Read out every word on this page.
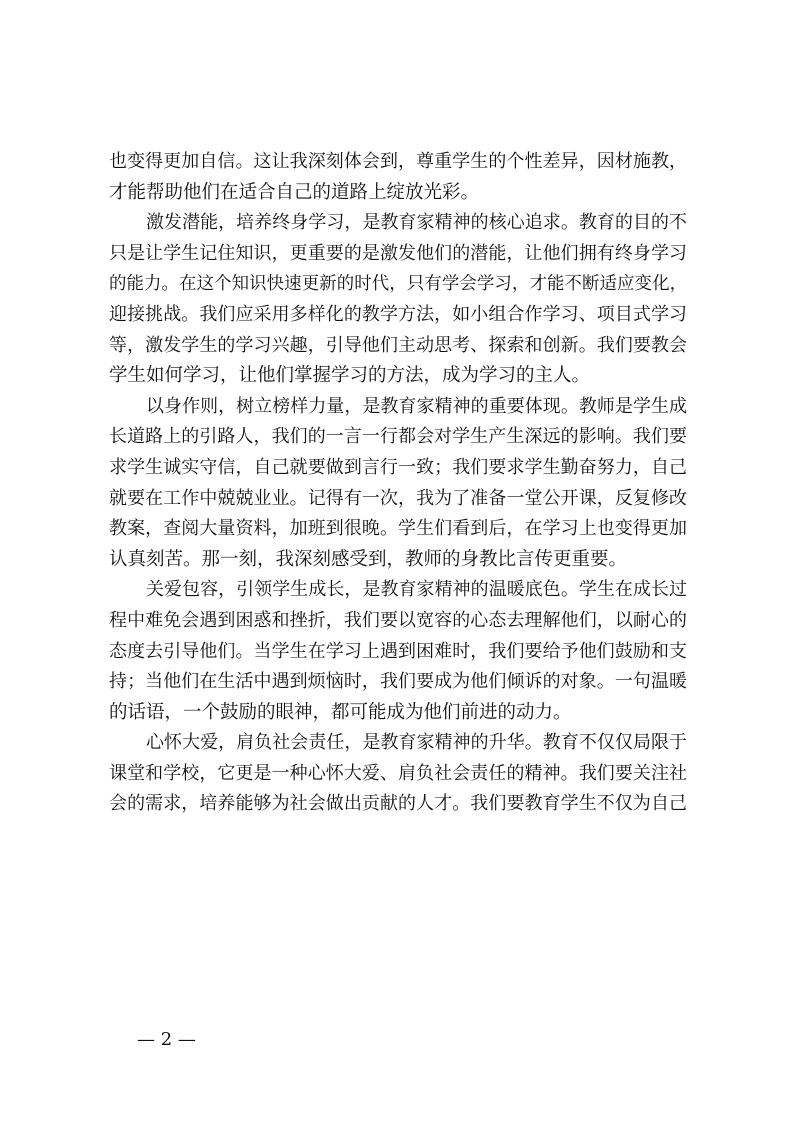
也变得更加自信。这让我深刻体会到，尊重学生的个性差异，因材施教，
才能帮助他们在适合自己的道路上绽放光彩。
激发潜能，培养终身学习，是教育家精神的核心追求。教育的目的不
只是让学生记住知识，更重要的是激发他们的潜能，让他们拥有终身学习
的能力。在这个知识快速更新的时代，只有学会学习，才能不断适应变化，
迎接挑战。我们应采用多样化的教学方法，如小组合作学习、项目式学习
等，激发学生的学习兴趣，引导他们主动思考、探索和创新。我们要教会
学生如何学习，让他们掌握学习的方法，成为学习的主人。
以身作则，树立榜样力量，是教育家精神的重要体现。教师是学生成
长道路上的引路人，我们的一言一行都会对学生产生深远的影响。我们要
求学生诚实守信，自己就要做到言行一致；我们要求学生勤奋努力，自己
就要在工作中兢兢业业。记得有一次，我为了准备一堂公开课，反复修改
教案，查阅大量资料，加班到很晚。学生们看到后，在学习上也变得更加
认真刻苦。那一刻，我深刻感受到，教师的身教比言传更重要。
关爱包容，引领学生成长，是教育家精神的温暖底色。学生在成长过
程中难免会遇到困惑和挫折，我们要以宽容的心态去理解他们，以耐心的
态度去引导他们。当学生在学习上遇到困难时，我们要给予他们鼓励和支
持；当他们在生活中遇到烦恼时，我们要成为他们倾诉的对象。一句温暖
的话语，一个鼓励的眼神，都可能成为他们前进的动力。
心怀大爱，肩负社会责任，是教育家精神的升华。教育不仅仅局限于
课堂和学校，它更是一种心怀大爱、肩负社会责任的精神。我们要关注社
会的需求，培养能够为社会做出贡献的人才。我们要教育学生不仅为自己
— 2 —
